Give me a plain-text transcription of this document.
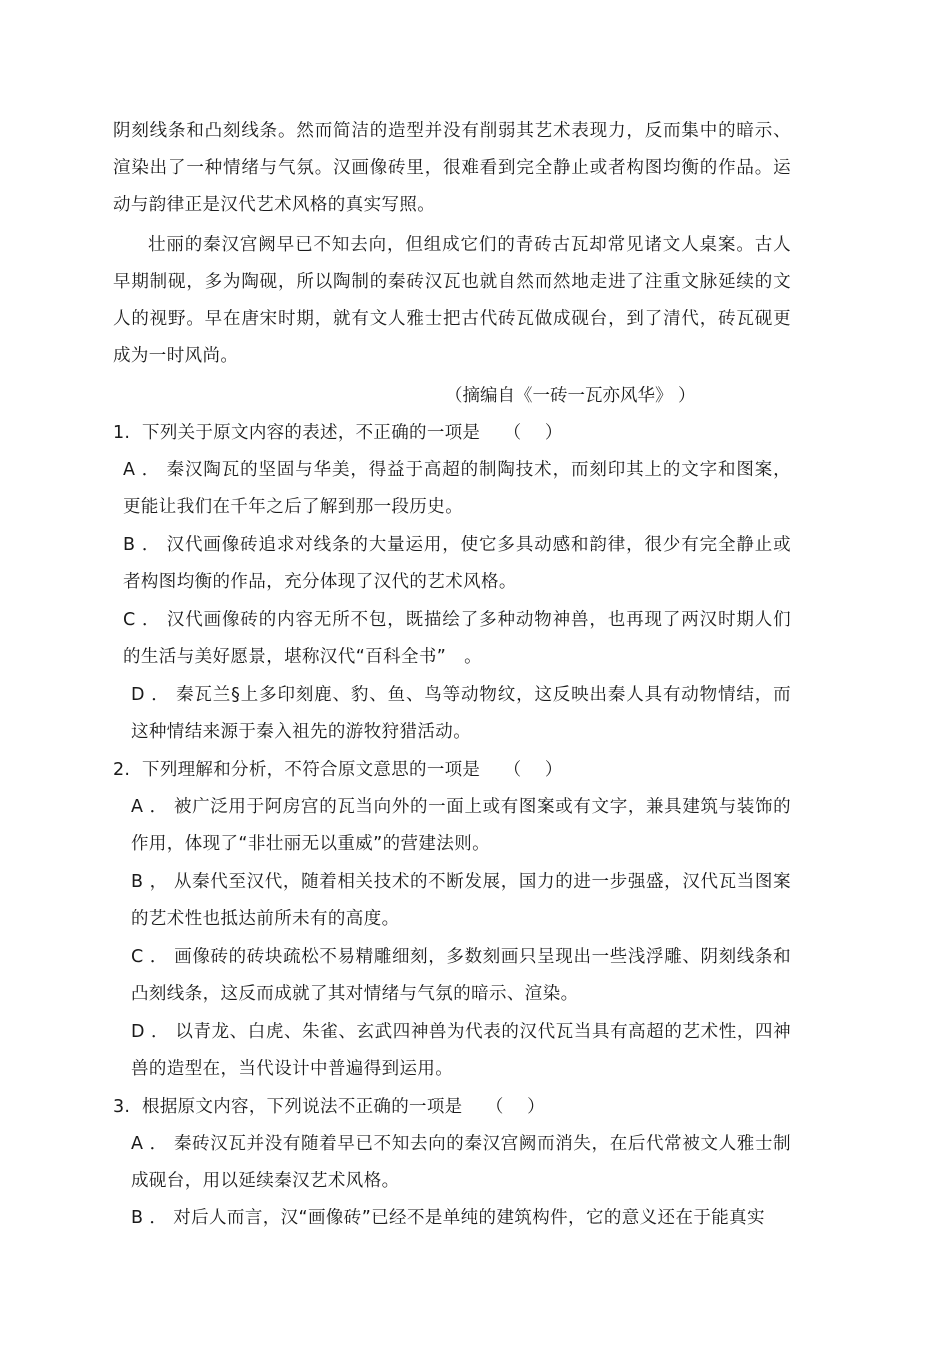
阴刻线条和凸刻线条。然而简洁的造型并没有削弱其艺术表现力，反而集中的暗示、渲染出了一种情绪与气氛。汉画像砖里，很难看到完全静止或者构图均衡的作品。运动与韵律正是汉代艺术风格的真实写照。
壮丽的秦汉宫阙早已不知去向，但组成它们的青砖古瓦却常见诸文人桌案。古人早期制砚，多为陶砚，所以陶制的秦砖汉瓦也就自然而然地走进了注重文脉延续的文人的视野。早在唐宋时期，就有文人雅士把古代砖瓦做成砚台，到了清代，砖瓦砚更成为一时风尚。
（摘编自《一砖一瓦亦风华》 ）
1.  下列关于原文内容的表述，不正确的一项是    （    ）
A ． 秦汉陶瓦的坚固与华美，得益于高超的制陶技术，而刻印其上的文字和图案，更能让我们在千年之后了解到那一段历史。
B ． 汉代画像砖追求对线条的大量运用，使它多具动感和韵律，很少有完全静止或者构图均衡的作品，充分体现了汉代的艺术风格。
C ． 汉代画像砖的内容无所不包，既描绘了多种动物神兽，也再现了两汉时期人们的生活与美好愿景，堪称汉代“百科全书”　。
D ． 秦瓦兰§上多印刻鹿、豹、鱼、鸟等动物纹，这反映出秦人具有动物情结，而这种情结来源于秦入祖先的游牧狩猎活动。
2.  下列理解和分析，不符合原文意思的一项是    （    ）
A ． 被广泛用于阿房宫的瓦当向外的一面上或有图案或有文字，兼具建筑与装饰的作用，体现了“非壮丽无以重威”的营建法则。
B ， 从秦代至汉代，随着相关技术的不断发展，国力的进一步强盛，汉代瓦当图案的艺术性也抵达前所未有的高度。
C ． 画像砖的砖块疏松不易精雕细刻，多数刻画只呈现出一些浅浮雕、阴刻线条和凸刻线条，这反而成就了其对情绪与气氛的暗示、渲染。
D ． 以青龙、白虎、朱雀、玄武四神兽为代表的汉代瓦当具有高超的艺术性，四神兽的造型在，当代设计中普遍得到运用。
3.  根据原文内容，下列说法不正确的一项是    （    ）
A ． 秦砖汉瓦并没有随着早已不知去向的秦汉宫阙而消失，在后代常被文人雅士制成砚台，用以延续秦汉艺术风格。
B ． 对后人而言，汉“画像砖”已经不是单纯的建筑构件，它的意义还在于能真实
